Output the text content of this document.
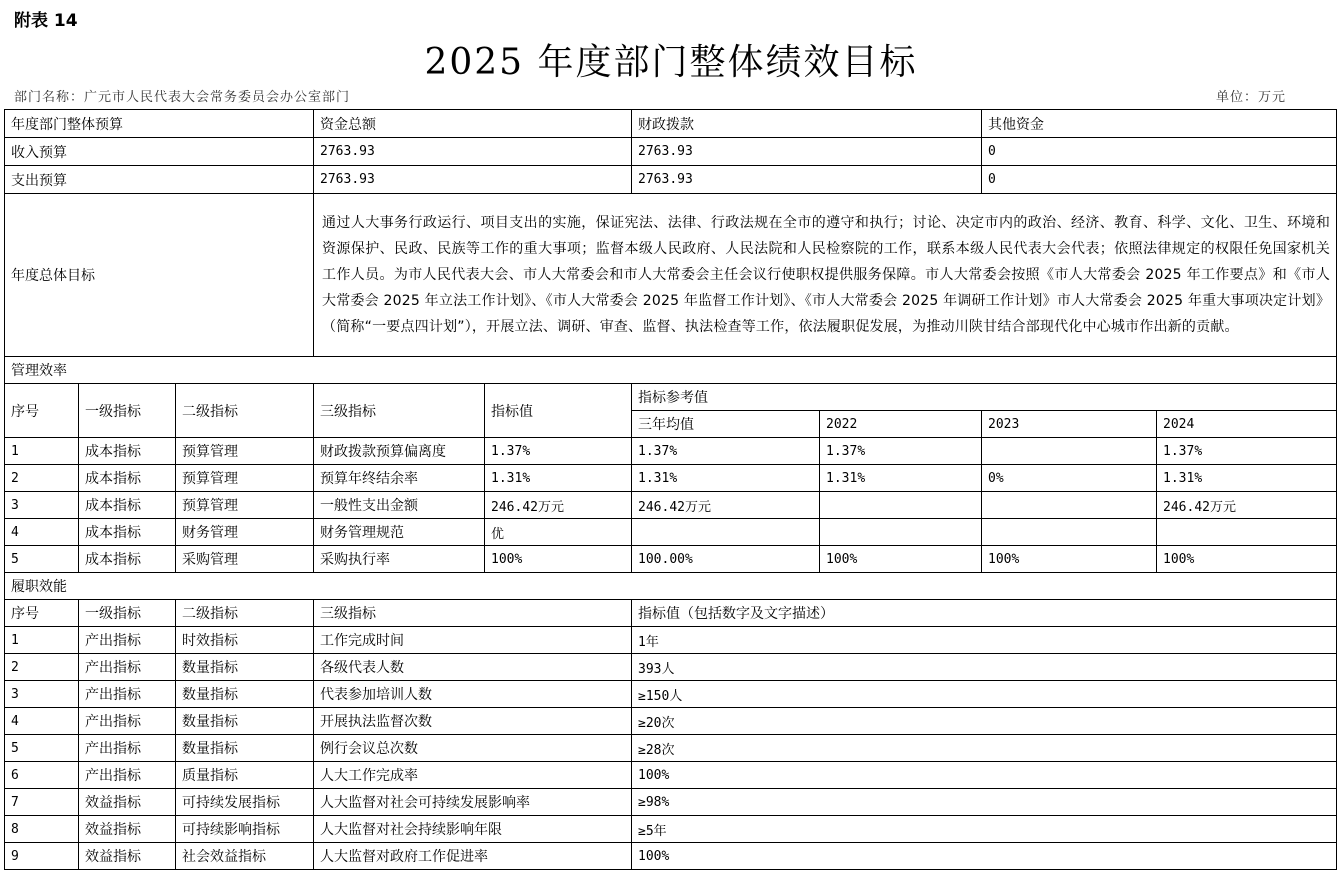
附表 14
2025 年度部门整体绩效目标
部门名称：广元市人民代表大会常务委员会办公室部门	单位：万元
年度部门整体预算			资金总额		财政拨款		其他资金	
收入预算			2763.93		2763.93		0	
支出预算			2763.93		2763.93		0	
年度总体目标			通过人大事务行政运行、项目支出的实施，保证宪法、法律、行政法规在全市的遵守和执行；讨论、决定市内的政治、经济、教育、科学、文化、卫生、环境和资源保护、民政、民族等工作的重大事项；监督本级人民政府、人民法院和人民检察院的工作，联系本级人民代表大会代表；依照法律规定的权限任免国家机关工作人员。为市人民代表大会、市人大常委会和市人大常委会主任会议行使职权提供服务保障。市人大常委会按照《市人大常委会 2025 年工作要点》和《市人大常委会 2025 年立法工作计划》、《市人大常委会 2025 年监督工作计划》、《市人大常委会 2025 年调研工作计划》市人大常委会 2025 年重大事项决定计划》（简称“一要点四计划”），开展立法、调研、审查、监督、执法检查等工作，依法履职促发展，为推动川陕甘结合部现代化中心城市作出新的贡献。					
管理效率								
序号	一级指标	二级指标	三级指标	指标值	指标参考值			
					三年均值	2022	2023	2024
1	成本指标	预算管理	财政拨款预算偏离度	1.37%	1.37%	1.37%		1.37%
2	成本指标	预算管理	预算年终结余率	1.31%	1.31%	1.31%	0%	1.31%
3	成本指标	预算管理	一般性支出金额	246.42万元	246.42万元			246.42万元
4	成本指标	财务管理	财务管理规范	优				
5	成本指标	采购管理	采购执行率	100%	100.00%	100%	100%	100%
履职效能								
序号	一级指标	二级指标	三级指标		指标值（包括数字及文字描述）			
1	产出指标	时效指标	工作完成时间		1年			
2	产出指标	数量指标	各级代表人数		393人			
3	产出指标	数量指标	代表参加培训人数		≥150人			
4	产出指标	数量指标	开展执法监督次数		≥20次			
5	产出指标	数量指标	例行会议总次数		≥28次			
6	产出指标	质量指标	人大工作完成率		100%			
7	效益指标	可持续发展指标	人大监督对社会可持续发展影响率		≥98%			
8	效益指标	可持续影响指标	人大监督对社会持续影响年限		≥5年			
9	效益指标	社会效益指标	人大监督对政府工作促进率		100%			
